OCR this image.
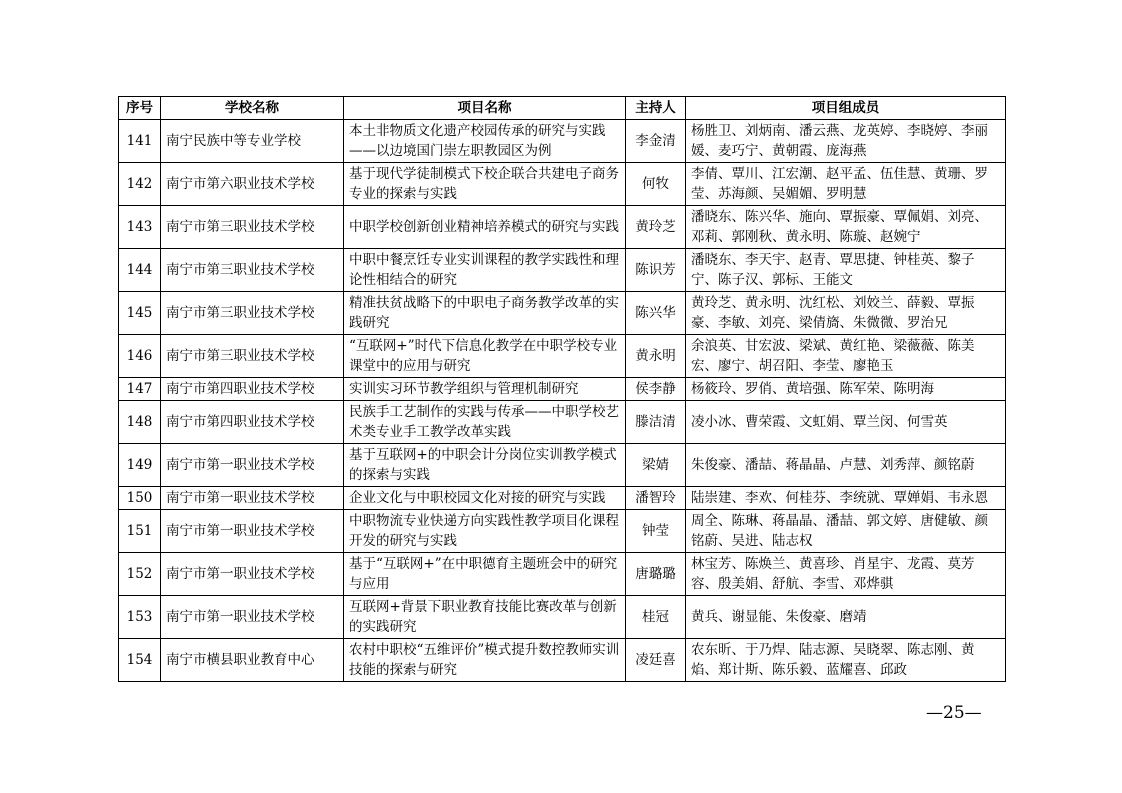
序号	学校名称	项目名称	主持人	项目组成员
141	南宁民族中等专业学校	本土非物质文化遗产校园传承的研究与实践——以边境国门崇左职教园区为例	李金清	杨胜卫、刘炳南、潘云燕、龙英婷、李晓婷、李丽媛、麦巧宁、黄朝霞、庞海燕
142	南宁市第六职业技术学校	基于现代学徒制模式下校企联合共建电子商务专业的探索与实践	何牧	李倩、覃川、江宏潮、赵平孟、伍佳慧、黄珊、罗莹、苏海颜、吴媚媚、罗明慧
143	南宁市第三职业技术学校	中职学校创新创业精神培养模式的研究与实践	黄玲芝	潘晓东、陈兴华、施向、覃振豪、覃佩娟、刘亮、邓莉、郭刚秋、黄永明、陈璇、赵婉宁
144	南宁市第三职业技术学校	中职中餐烹饪专业实训课程的教学实践性和理论性相结合的研究	陈识芳	潘晓东、李天宇、赵青、覃思捷、钟桂英、黎子宁、陈子汉、郭标、王能文
145	南宁市第三职业技术学校	精准扶贫战略下的中职电子商务教学改革的实践研究	陈兴华	黄玲芝、黄永明、沈红松、刘姣兰、薛毅、覃振豪、李敏、刘亮、梁倩旖、朱微微、罗治兄
146	南宁市第三职业技术学校	“互联网+”时代下信息化教学在中职学校专业课堂中的应用与研究	黄永明	余浪英、甘宏波、梁斌、黄红艳、梁薇薇、陈美宏、廖宁、胡召阳、李莹、廖艳玉
147	南宁市第四职业技术学校	实训实习环节教学组织与管理机制研究	侯李静	杨筱玲、罗俏、黄培强、陈军荣、陈明海
148	南宁市第四职业技术学校	民族手工艺制作的实践与传承——中职学校艺术类专业手工教学改革实践	滕洁清	凌小冰、曹荣霞、文虹娟、覃兰闵、何雪英
149	南宁市第一职业技术学校	基于互联网+的中职会计分岗位实训教学模式的探索与实践	梁婧	朱俊豪、潘喆、蒋晶晶、卢慧、刘秀萍、颜铭蔚
150	南宁市第一职业技术学校	企业文化与中职校园文化对接的研究与实践	潘智玲	陆崇建、李欢、何桂芬、李统就、覃婵娟、韦永恩
151	南宁市第一职业技术学校	中职物流专业快递方向实践性教学项目化课程开发的研究与实践	钟莹	周全、陈琳、蒋晶晶、潘喆、郭文婷、唐健敏、颜铭蔚、吴进、陆志权
152	南宁市第一职业技术学校	基于“互联网+”在中职德育主题班会中的研究与应用	唐璐璐	林宝芳、陈焕兰、黄喜珍、肖星宇、龙霞、莫芳容、殷美娟、舒航、李雪、邓烨骐
153	南宁市第一职业技术学校	互联网+背景下职业教育技能比赛改革与创新的实践研究	桂冠	黄兵、谢显能、朱俊豪、磨靖
154	南宁市横县职业教育中心	农村中职校“五维评价”模式提升数控教师实训技能的探索与研究	凌廷喜	农东昕、于乃焊、陆志源、吴晓翠、陈志刚、黄焰、郑计斯、陈乐毅、蓝耀喜、邱政
—25—
